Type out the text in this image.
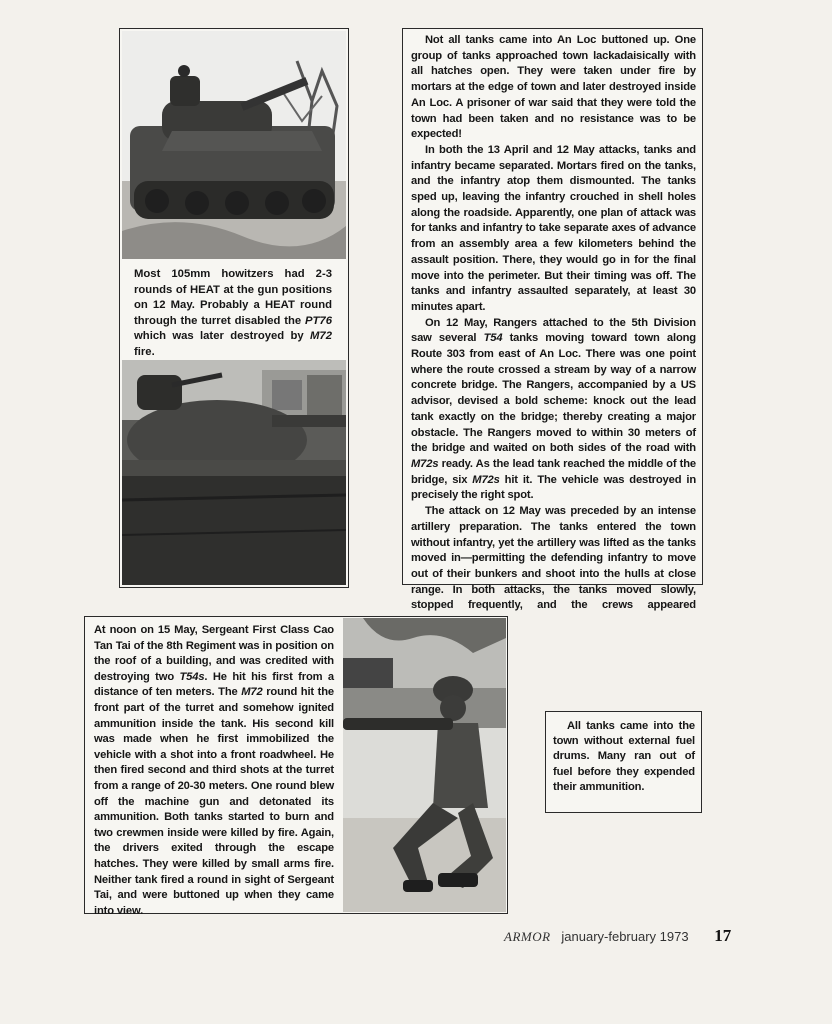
Most 105mm howitzers had 2-3 rounds of HEAT at the gun positions on 12 May. Probably a HEAT round through the turret disabled the PT76 which was later destroyed by M72 fire.

Not all tanks came into An Loc buttoned up. One group of tanks approached town lackadaisically with all hatches open. They were taken under fire by mortars at the edge of town and later destroyed inside An Loc. A prisoner of war said that they were told the town had been taken and no resistance was to be expected!

In both the 13 April and 12 May attacks, tanks and infantry became separated. Mortars fired on the tanks, and the infantry atop them dismounted. The tanks sped up, leaving the infantry crouched in shell holes along the roadside. Apparently, one plan of attack was for tanks and infantry to take separate axes of advance from an assembly area a few kilometers behind the assault position. There, they would go in for the final move into the perimeter. But their timing was off. The tanks and infantry assaulted separately, at least 30 minutes apart.

On 12 May, Rangers attached to the 5th Division saw several T54 tanks moving toward town along Route 303 from east of An Loc. There was one point where the route crossed a stream by way of a narrow concrete bridge. The Rangers, accompanied by a US advisor, devised a bold scheme: knock out the lead tank exactly on the bridge; thereby creating a major obstacle. The Rangers moved to within 30 meters of the bridge and waited on both sides of the road with M72s ready. As the lead tank reached the middle of the bridge, six M72s hit it. The vehicle was destroyed in precisely the right spot.

The attack on 12 May was preceded by an intense artillery preparation. The tanks entered the town without infantry, yet the artillery was lifted as the tanks moved in—permitting the defending infantry to move out of their bunkers and shoot into the hulls at close range. In both attacks, the tanks moved slowly, stopped frequently, and the crews appeared

At noon on 15 May, Sergeant First Class Cao Tan Tai of the 8th Regiment was in position on the roof of a building, and was credited with destroying two T54s. He hit his first from a distance of ten meters. The M72 round hit the front part of the turret and somehow ignited ammunition inside the tank. His second kill was made when he first immobilized the vehicle with a shot into a front roadwheel. He then fired second and third shots at the turret from a range of 20-30 meters. One round blew off the machine gun and detonated its ammunition. Both tanks started to burn and two crewmen inside were killed by fire. Again, the drivers exited through the escape hatches. They were killed by small arms fire. Neither tank fired a round in sight of Sergeant Tai, and were buttoned up when they came into view.
All tanks came into the town without external fuel drums. Many ran out of fuel before they expended their ammunition.
ARMOR january-february 1973 17
